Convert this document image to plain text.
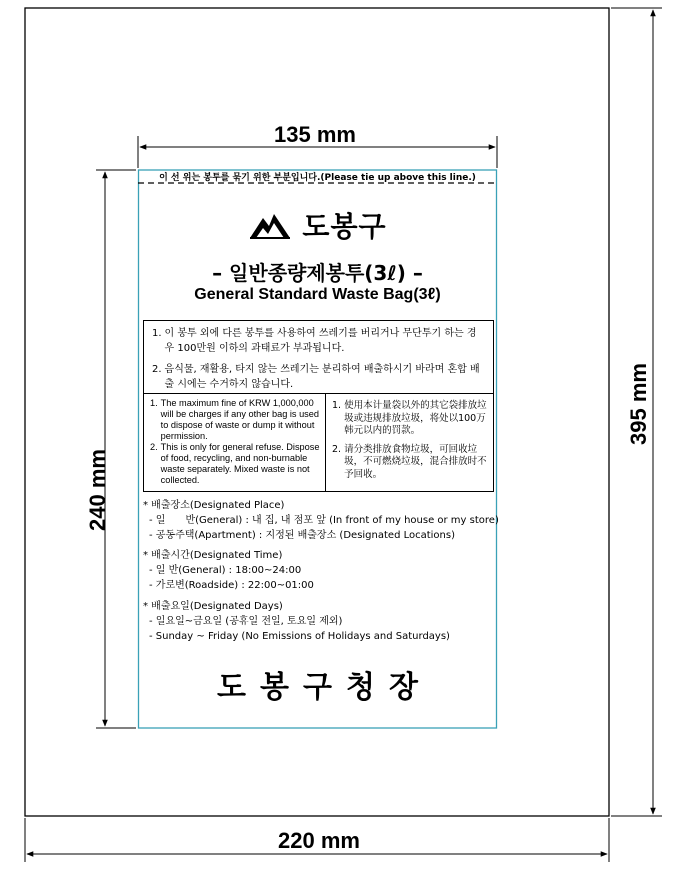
135 mm
240 mm
220 mm
395 mm
이 선 위는 봉투를 묶기 위한 부분입니다.(Please tie up above this line.)
도봉구
– 일반종량제봉투(3ℓ) –
General Standard Waste Bag(3ℓ)
1. 이 봉투 외에 다른 봉투를 사용하여 쓰레기를 버리거나 무단투기 하는 경우 100만원 이하의 과태료가 부과됩니다.
2. 음식물, 재활용, 타지 않는 쓰레기는 분리하여 배출하시기 바라며 혼합 배출 시에는 수거하지 않습니다.
1. The maximum fine of KRW 1,000,000 will be charges if any other bag is used to dispose of waste or dump it without permission.
2. This is only for general refuse. Dispose of food, recycling, and non-burnable waste separately. Mixed waste is not collected.
1. 使用本计量袋以外的其它袋排放垃圾或违规排放垃圾，将处以100万韩元以内的罚款。
2. 请分类排放食物垃圾，可回收垃圾，不可燃烧垃圾，混合排放时不予回收。
* 배출장소(Designated Place)
- 일　　반(General) : 내 집, 내 점포 앞 (In front of my house or my store)
- 공동주택(Apartment) : 지정된 배출장소 (Designated Locations)
* 배출시간(Designated Time)
- 일 반(General) : 18:00~24:00
- 가로변(Roadside) : 22:00~01:00
* 배출요일(Designated Days)
- 일요일~금요일 (공휴일 전일, 토요일 제외)
- Sunday ~ Friday (No Emissions of Holidays and Saturdays)
도봉구청장
